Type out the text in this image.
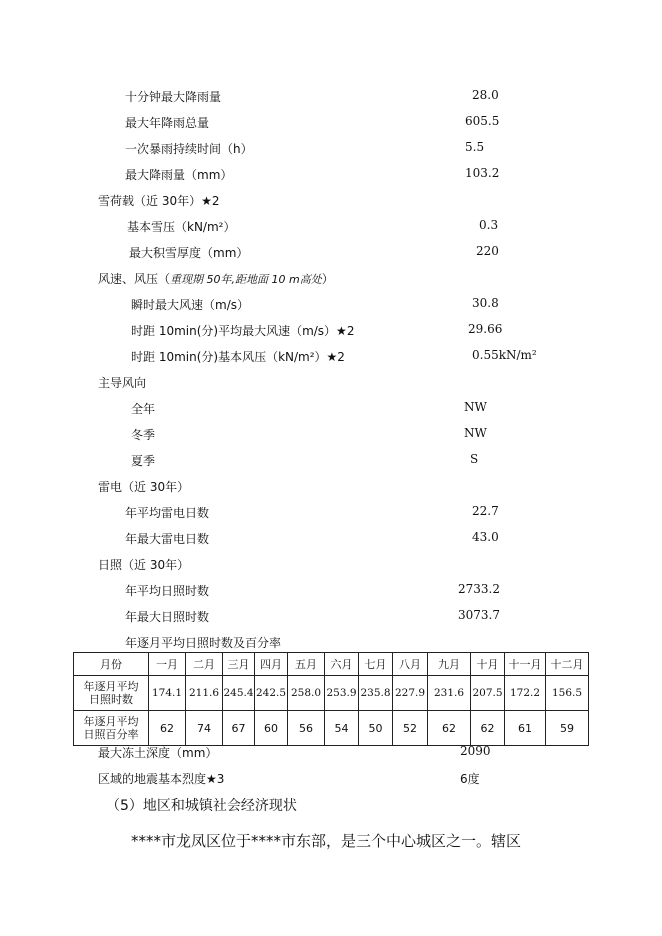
十分钟最大降雨量	28.0
最大年降雨总量	605.5
一次暴雨持续时间（h）	5.5
最大降雨量（mm）	103.2
雪荷载（近 30年）★2
基本雪压（kN/m²）	0.3
最大积雪厚度（mm）	220
风速、风压（重现期 50年,距地面 10 m高处）
瞬时最大风速（m/s）	30.8
时距 10min(分)平均最大风速（m/s）★2	29.66
时距 10min(分)基本风压（kN/m²）★2	0.55kN/m²
主导风向
全年	NW
冬季	NW
夏季	S
雷电（近 30年）
年平均雷电日数	22.7
年最大雷电日数	43.0
日照（近 30年）
年平均日照时数	2733.2
年最大日照时数	3073.7
年逐月平均日照时数及百分率
月份	一月	二月	三月	四月	五月	六月	七月	八月	九月	十月	十一月	十二月
年逐月平均
日照时数	174.1	211.6	245.4	242.5	258.0	253.9	235.8	227.9	231.6	207.5	172.2	156.5
年逐月平均
日照百分率	62	74	67	60	56	54	50	52	62	62	61	59
最大冻土深度（mm）	2090
区域的地震基本烈度★3	6度
（5）地区和城镇社会经济现状
****市龙凤区位于****市东部，是三个中心城区之一。辖区
